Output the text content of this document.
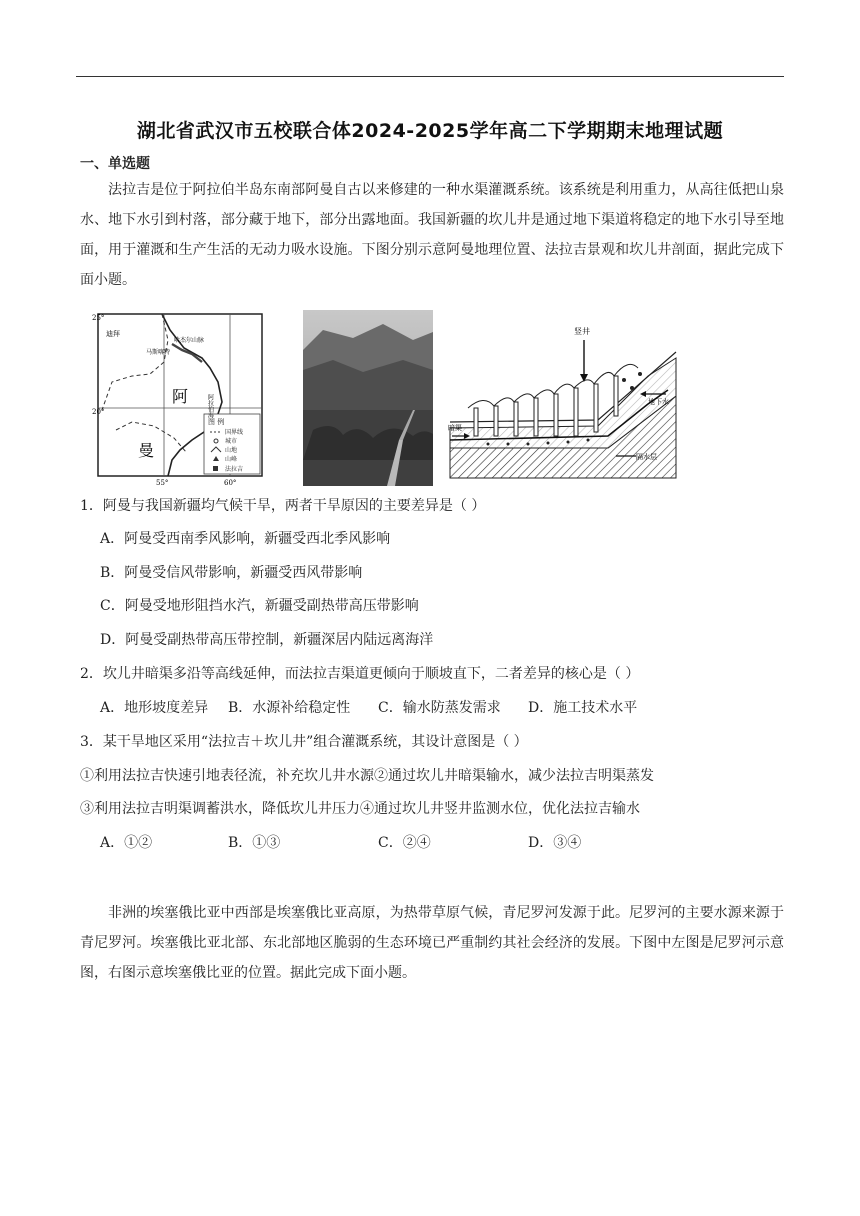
湖北省武汉市五校联合体2024-2025学年高二下学期期末地理试题
一、单选题

法拉吉是位于阿拉伯半岛东南部阿曼自古以来修建的一种水渠灌溉系统。该系统是利用重力，从高往低把山泉水、地下水引到村落，部分藏于地下，部分出露地面。我国新疆的坎儿井是通过地下渠道将稳定的地下水引导至地面，用于灌溉和生产生活的无动力吸水设施。下图分别示意阿曼地理位置、法拉吉景观和坎儿井剖面，据此完成下面小题。

图 例
国界线
城市
山地
山峰
法拉吉
迪拜
哈杰尔山脉
马斯喀特
阿拉伯海
阿
曼
25°
20°
55°	60°
竖井
地下水
暗渠
隔水层
1．阿曼与我国新疆均气候干旱，两者干旱原因的主要差异是（ ）
A．阿曼受西南季风影响，新疆受西北季风影响
B．阿曼受信风带影响，新疆受西风带影响
C．阿曼受地形阻挡水汽，新疆受副热带高压带影响
D．阿曼受副热带高压带控制，新疆深居内陆远离海洋
2．坎儿井暗渠多沿等高线延伸，而法拉吉渠道更倾向于顺坡直下，二者差异的核心是（ ）
A．地形坡度差异 B．水源补给稳定性 C．输水防蒸发需求 D．施工技术水平
3．某干旱地区采用“法拉吉＋坎儿井”组合灌溉系统，其设计意图是（ ）
①利用法拉吉快速引地表径流，补充坎儿井水源②通过坎儿井暗渠输水，减少法拉吉明渠蒸发
③利用法拉吉明渠调蓄洪水，降低坎儿井压力④通过坎儿井竖井监测水位，优化法拉吉输水
A．①②	B．①③	C．②④	D．③④

非洲的埃塞俄比亚中西部是埃塞俄比亚高原，为热带草原气候，青尼罗河发源于此。尼罗河的主要水源来源于青尼罗河。埃塞俄比亚北部、东北部地区脆弱的生态环境已严重制约其社会经济的发展。下图中左图是尼罗河示意图，右图示意埃塞俄比亚的位置。据此完成下面小题。
